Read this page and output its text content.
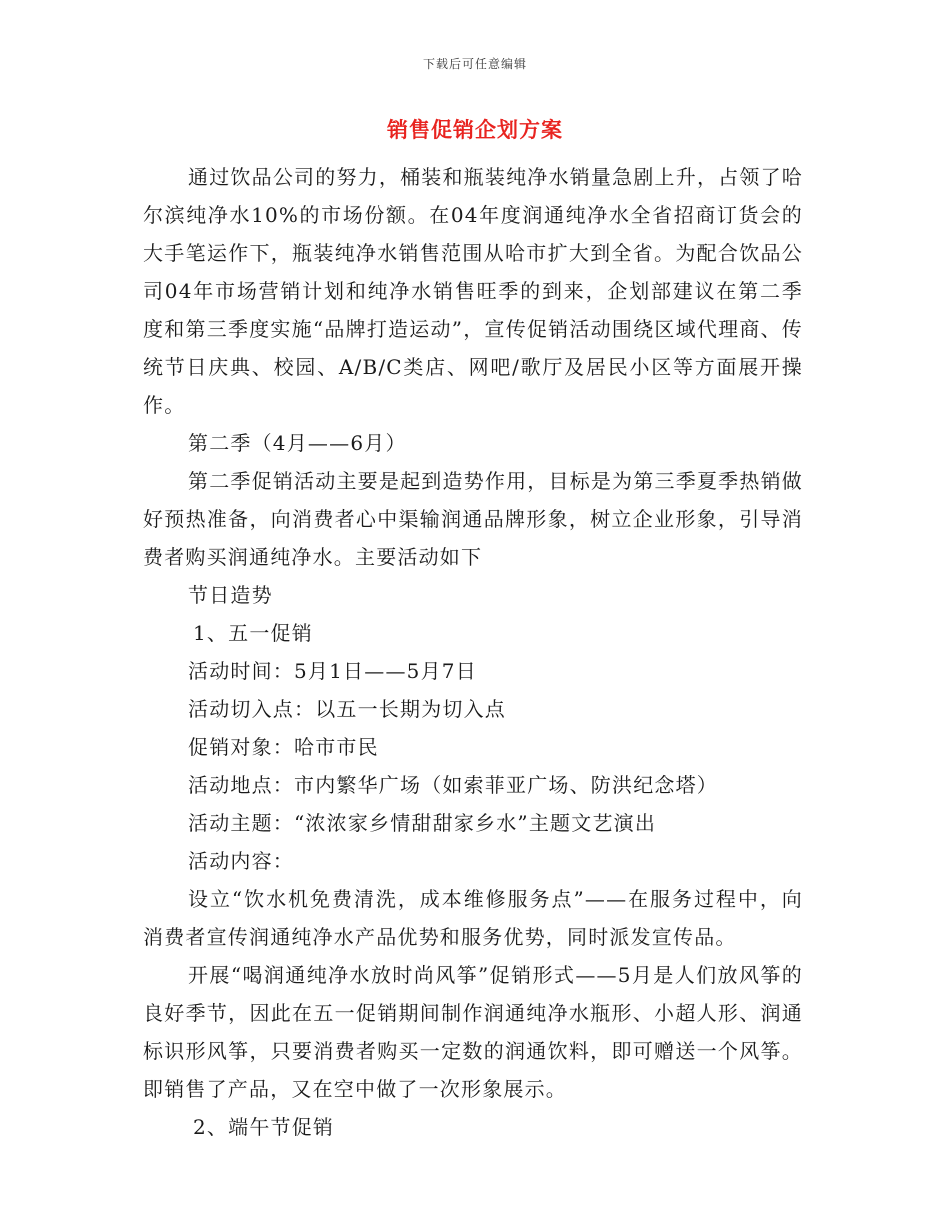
下载后可任意编辑
销售促销企划方案

通过饮品公司的努力，桶装和瓶装纯净水销量急剧上升，占领了哈尔滨纯净水10%的市场份额。在04年度润通纯净水全省招商订货会的大手笔运作下，瓶装纯净水销售范围从哈市扩大到全省。为配合饮品公司04年市场营销计划和纯净水销售旺季的到来，企划部建议在第二季度和第三季度实施“品牌打造运动”，宣传促销活动围绕区域代理商、传统节日庆典、校园、A/B/C类店、网吧/歌厅及居民小区等方面展开操作。

第二季（4月——6月）

第二季促销活动主要是起到造势作用，目标是为第三季夏季热销做好预热准备，向消费者心中渠输润通品牌形象，树立企业形象，引导消费者购买润通纯净水。主要活动如下

节日造势

1、五一促销

活动时间：5月1日——5月7日

活动切入点：以五一长期为切入点

促销对象：哈市市民

活动地点：市内繁华广场（如索菲亚广场、防洪纪念塔）

活动主题：“浓浓家乡情甜甜家乡水”主题文艺演出

活动内容：

设立“饮水机免费清洗，成本维修服务点”——在服务过程中，向消费者宣传润通纯净水产品优势和服务优势，同时派发宣传品。

开展“喝润通纯净水放时尚风筝”促销形式——5月是人们放风筝的良好季节，因此在五一促销期间制作润通纯净水瓶形、小超人形、润通标识形风筝，只要消费者购买一定数的润通饮料，即可赠送一个风筝。即销售了产品，又在空中做了一次形象展示。

2、端午节促销
